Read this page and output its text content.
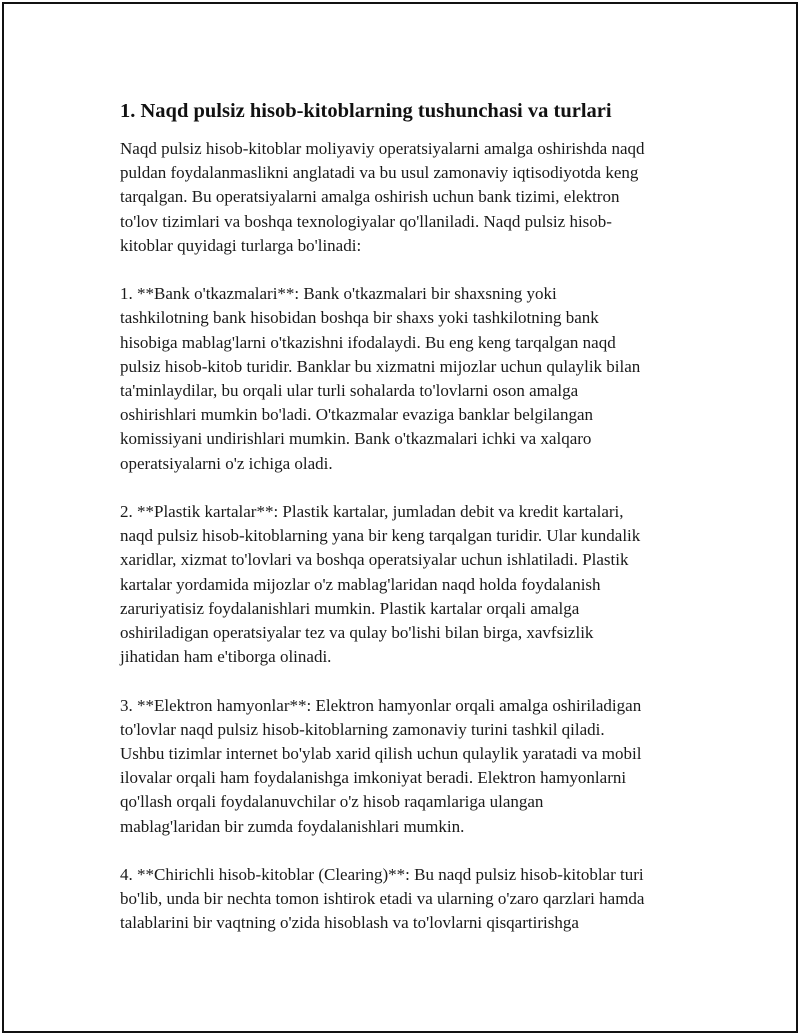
1. Naqd pulsiz hisob-kitoblarning tushunchasi va turlari

Naqd pulsiz hisob-kitoblar moliyaviy operatsiyalarni amalga oshirishda naqd
puldan foydalanmaslikni anglatadi va bu usul zamonaviy iqtisodiyotda keng
tarqalgan. Bu operatsiyalarni amalga oshirish uchun bank tizimi, elektron
to'lov tizimlari va boshqa texnologiyalar qo'llaniladi. Naqd pulsiz hisob-
kitoblar quyidagi turlarga bo'linadi:

1. **Bank o'tkazmalari**: Bank o'tkazmalari bir shaxsning yoki
tashkilotning bank hisobidan boshqa bir shaxs yoki tashkilotning bank
hisobiga mablag'larni o'tkazishni ifodalaydi. Bu eng keng tarqalgan naqd
pulsiz hisob-kitob turidir. Banklar bu xizmatni mijozlar uchun qulaylik bilan
ta'minlaydilar, bu orqali ular turli sohalarda to'lovlarni oson amalga
oshirishlari mumkin bo'ladi. O'tkazmalar evaziga banklar belgilangan
komissiyani undirishlari mumkin. Bank o'tkazmalari ichki va xalqaro
operatsiyalarni o'z ichiga oladi.

2. **Plastik kartalar**: Plastik kartalar, jumladan debit va kredit kartalari,
naqd pulsiz hisob-kitoblarning yana bir keng tarqalgan turidir. Ular kundalik
xaridlar, xizmat to'lovlari va boshqa operatsiyalar uchun ishlatiladi. Plastik
kartalar yordamida mijozlar o'z mablag'laridan naqd holda foydalanish
zaruriyatisiz foydalanishlari mumkin. Plastik kartalar orqali amalga
oshiriladigan operatsiyalar tez va qulay bo'lishi bilan birga, xavfsizlik
jihatidan ham e'tiborga olinadi.

3. **Elektron hamyonlar**: Elektron hamyonlar orqali amalga oshiriladigan
to'lovlar naqd pulsiz hisob-kitoblarning zamonaviy turini tashkil qiladi.
Ushbu tizimlar internet bo'ylab xarid qilish uchun qulaylik yaratadi va mobil
ilovalar orqali ham foydalanishga imkoniyat beradi. Elektron hamyonlarni
qo'llash orqali foydalanuvchilar o'z hisob raqamlariga ulangan
mablag'laridan bir zumda foydalanishlari mumkin.

4. **Chirichli hisob-kitoblar (Clearing)**: Bu naqd pulsiz hisob-kitoblar turi
bo'lib, unda bir nechta tomon ishtirok etadi va ularning o'zaro qarzlari hamda
talablarini bir vaqtning o'zida hisoblash va to'lovlarni qisqartirishga
